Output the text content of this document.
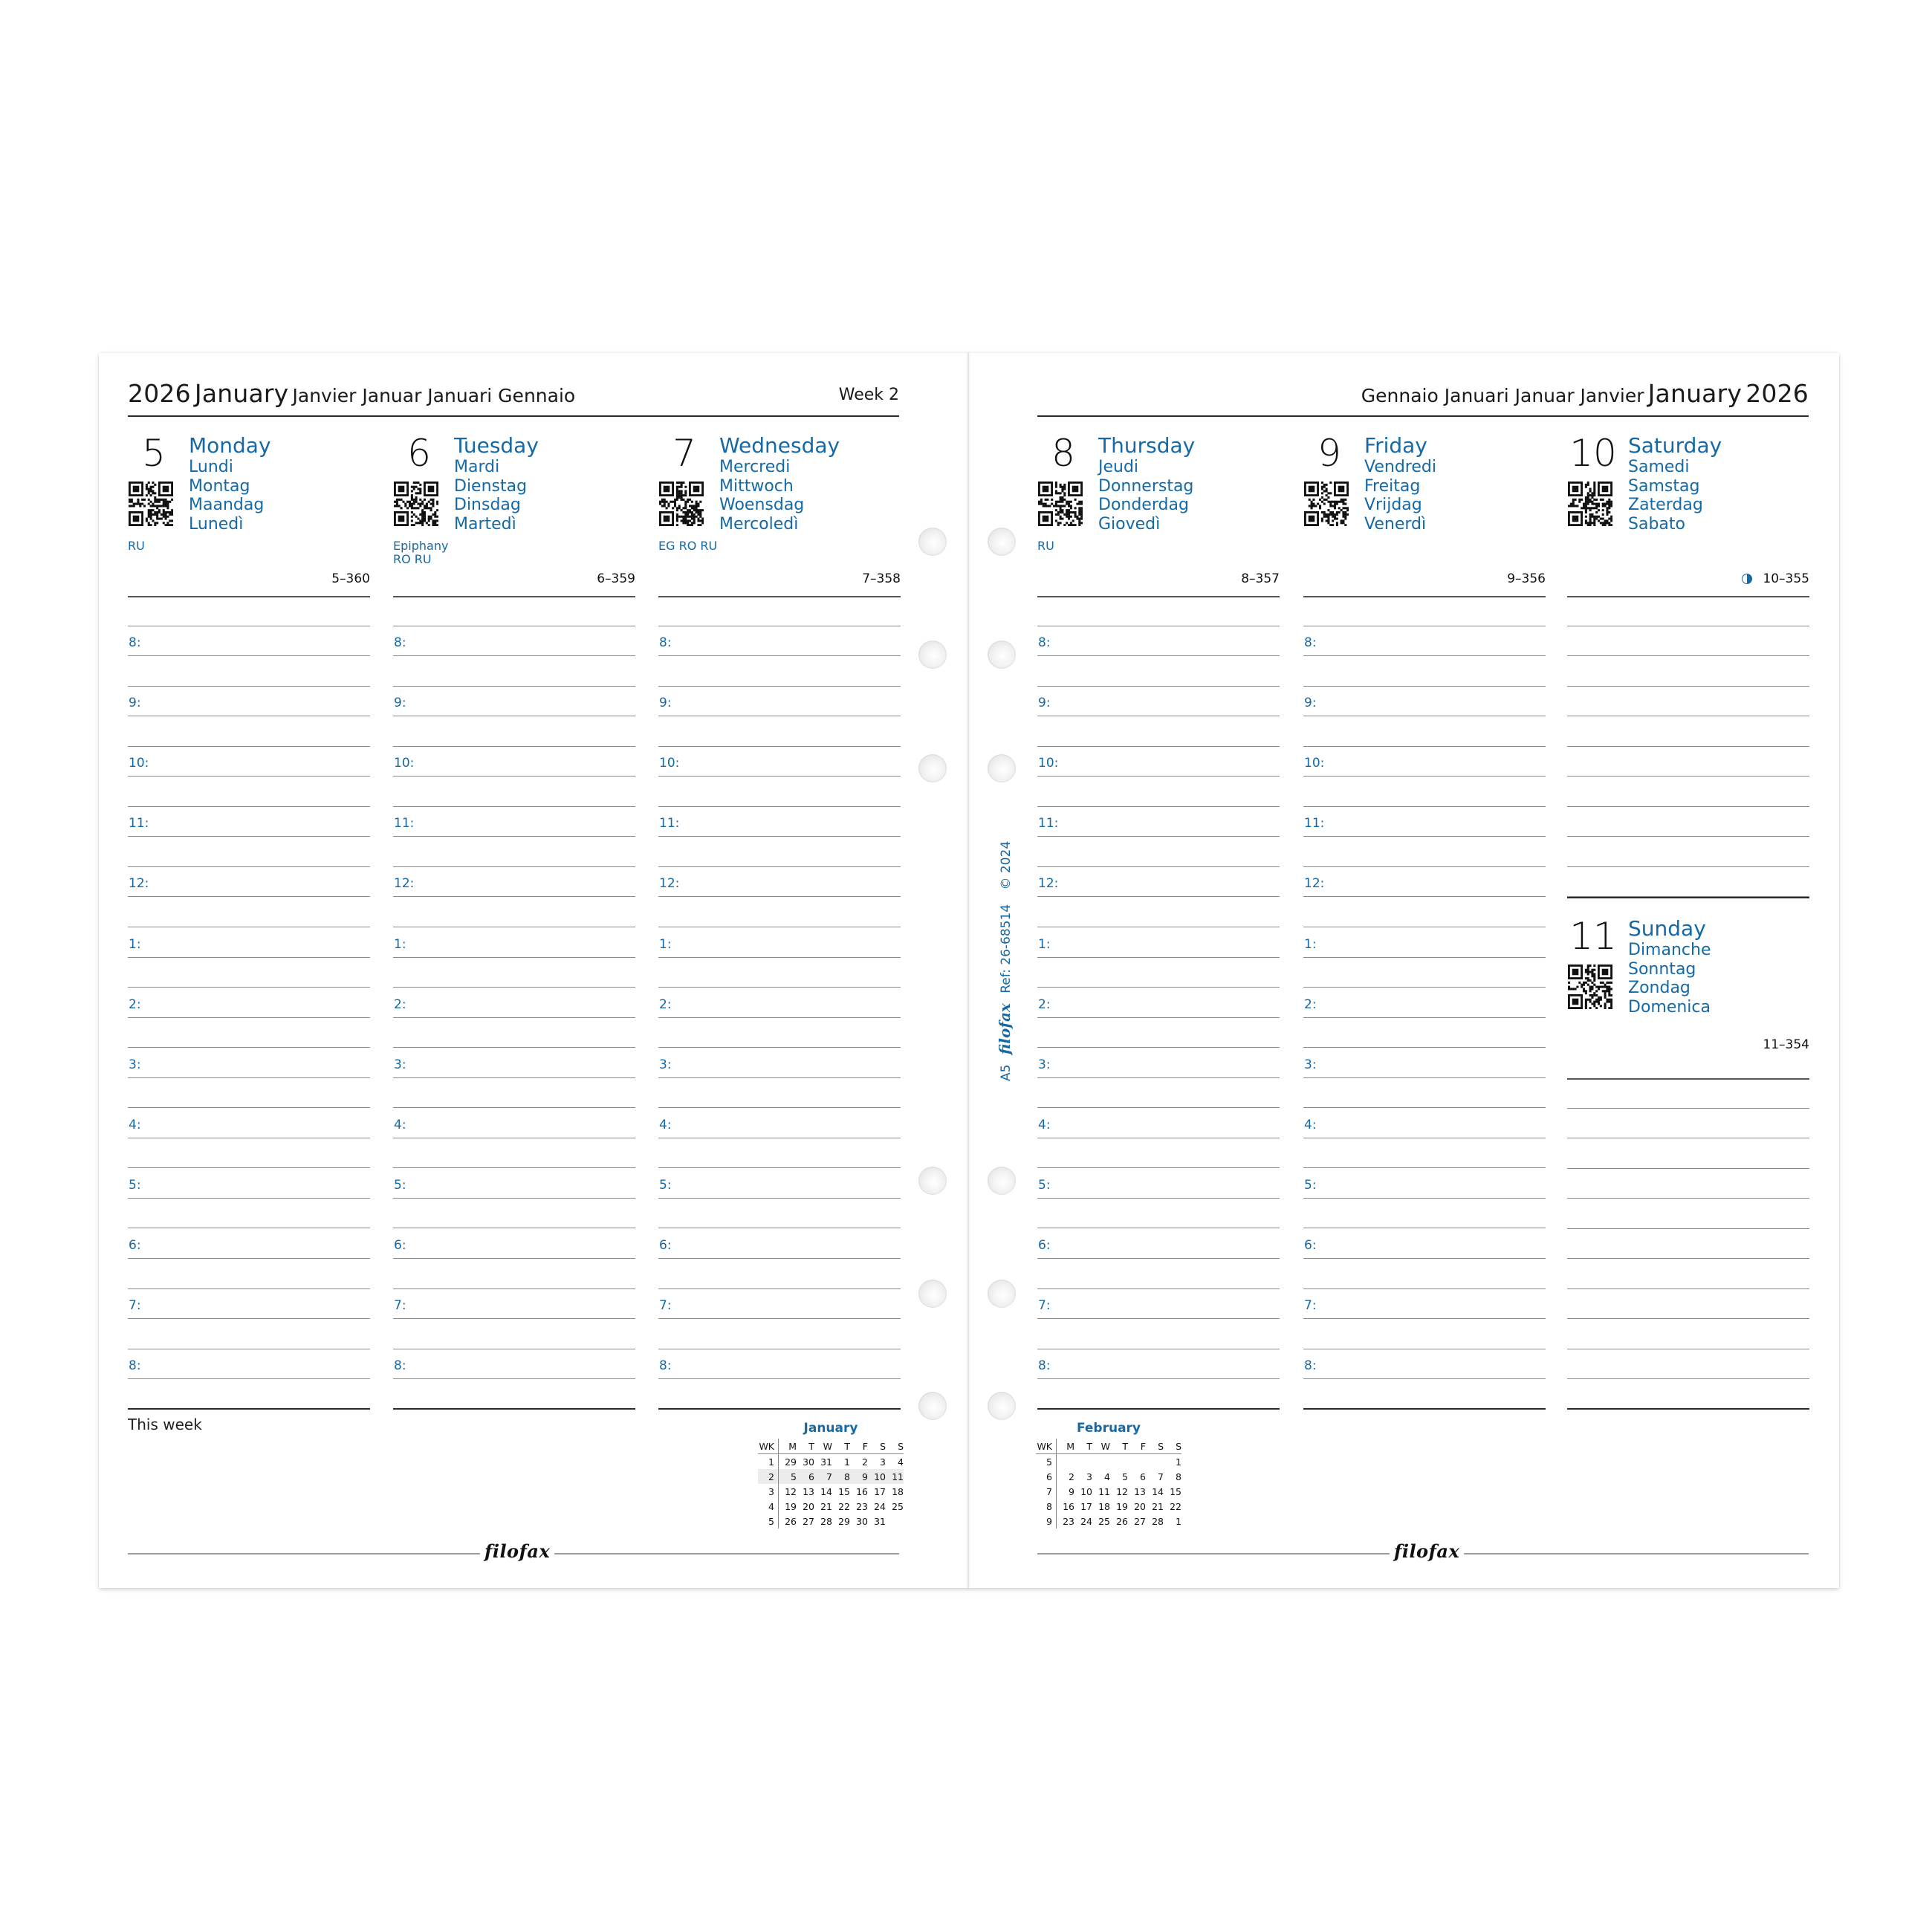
2026 January Janvier Januar Januari Gennaio	Week 2	Gennaio Januari Januar Janvier January 2026
5	Monday
Lundi
Montag
Maandag
Lunedì
RU
5–360
8:
9:
10:
11:
12:
1:
2:
3:
4:
5:
6:
7:
8:
6	Tuesday
Mardi
Dienstag
Dinsdag
Martedì
Epiphany
RO RU
6–359
8:
9:
10:
11:
12:
1:
2:
3:
4:
5:
6:
7:
8:
7	Wednesday
Mercredi
Mittwoch
Woensdag
Mercoledì
EG RO RU
7–358
8:
9:
10:
11:
12:
1:
2:
3:
4:
5:
6:
7:
8:
8	Thursday
Jeudi
Donnerstag
Donderdag
Giovedì
RU
8–357
8:
9:
10:
11:
12:
1:
2:
3:
4:
5:
6:
7:
8:
9	Friday
Vendredi
Freitag
Vrijdag
Venerdì
9–356
8:
9:
10:
11:
12:
1:
2:
3:
4:
5:
6:
7:
8:
10 Saturday
Samedi
Samstag
Zaterdag
Sabato
10–355
11 Sunday
Dimanche
Sonntag
Zondag
Domenica
11–354
This week	January
WK	M	T	W	T	F	S	S
1	29	30	31	1	2	3	4
2	5	6	7	8	9	10	11
3	12	13	14	15	16	17	18
4	19	20	21	22	23	24	25
5	26	27	28	29	30	31	
February
WK	M	T	W	T	F	S	S
5							1
6	2	3	4	5	6	7	8
7	9	10	11	12	13	14	15
8	16	17	18	19	20	21	22
9	23	24	25	26	27	28	1
A5 filofax Ref: 26-68514 © 2024
filofax	filofax
